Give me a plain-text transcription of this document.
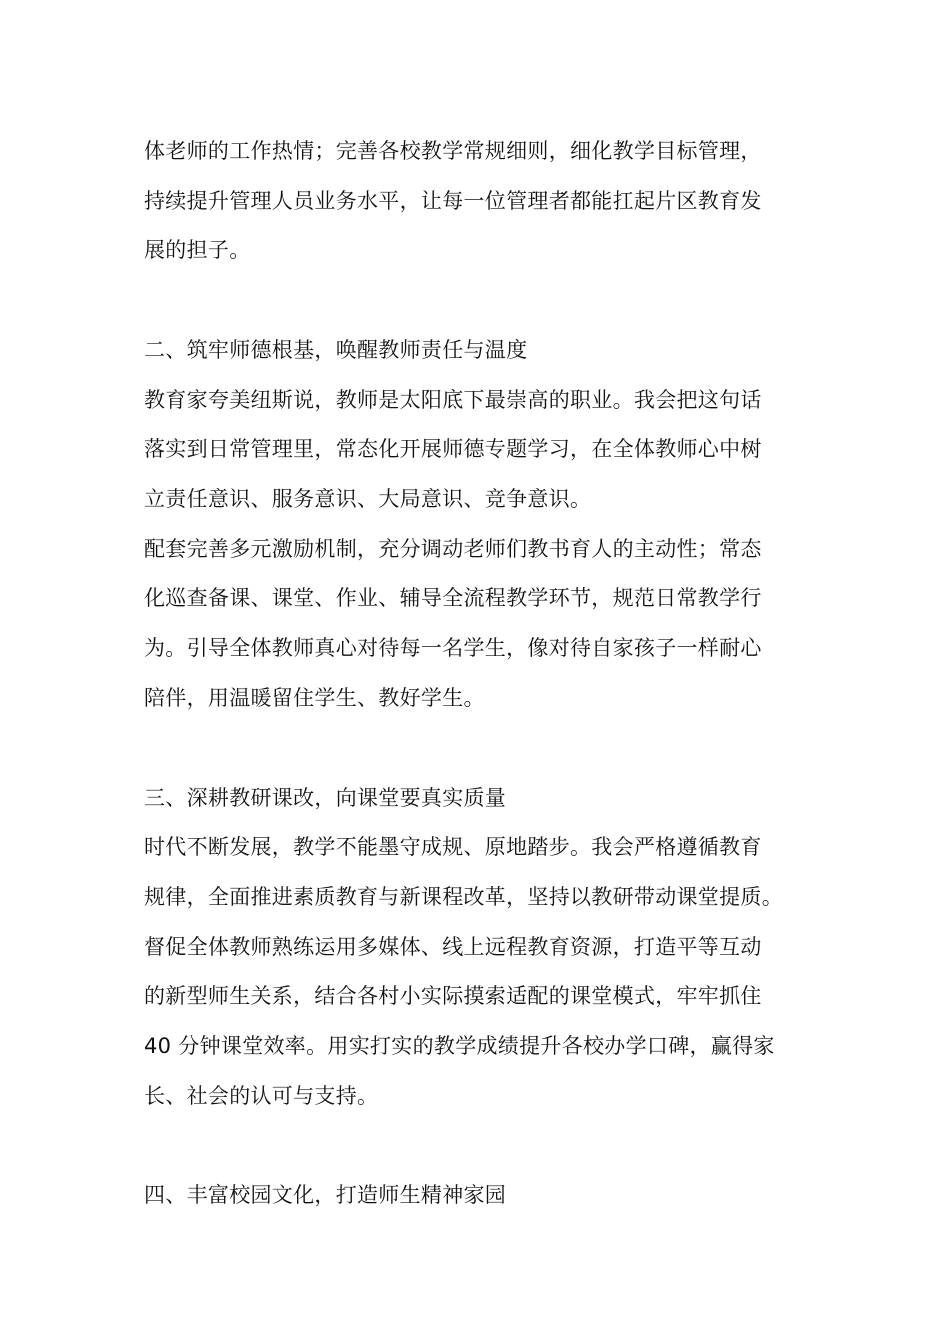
体老师的工作热情；完善各校教学常规细则，细化教学目标管理，
持续提升管理人员业务水平，让每一位管理者都能扛起片区教育发
展的担子。
二、筑牢师德根基，唤醒教师责任与温度
教育家夸美纽斯说，教师是太阳底下最崇高的职业。我会把这句话
落实到日常管理里，常态化开展师德专题学习，在全体教师心中树
立责任意识、服务意识、大局意识、竞争意识。
配套完善多元激励机制，充分调动老师们教书育人的主动性；常态
化巡查备课、课堂、作业、辅导全流程教学环节，规范日常教学行
为。引导全体教师真心对待每一名学生，像对待自家孩子一样耐心
陪伴，用温暖留住学生、教好学生。
三、深耕教研课改，向课堂要真实质量
时代不断发展，教学不能墨守成规、原地踏步。我会严格遵循教育
规律，全面推进素质教育与新课程改革，坚持以教研带动课堂提质。
督促全体教师熟练运用多媒体、线上远程教育资源，打造平等互动
的新型师生关系，结合各村小实际摸索适配的课堂模式，牢牢抓住
40 分钟课堂效率。用实打实的教学成绩提升各校办学口碑，赢得家
长、社会的认可与支持。
四、丰富校园文化，打造师生精神家园
